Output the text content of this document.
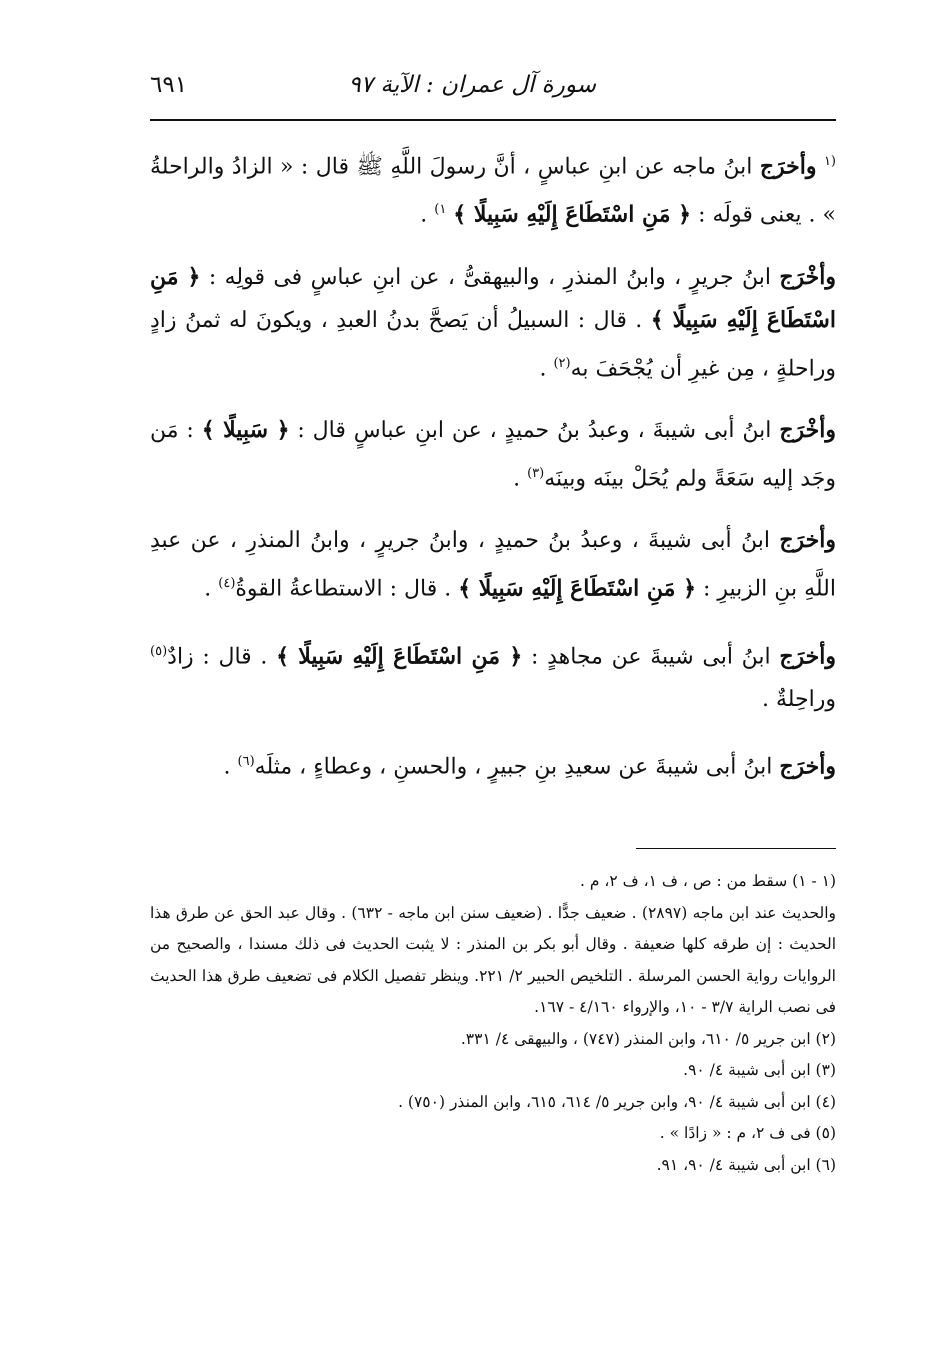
سورة آل عمران : الآية ٩٧
٦٩١

$^{(١}$ وأخرَج ابنُ ماجه عن ابنِ عباسٍ ، أنَّ رسولَ اللَّهِ ﷺ قال : « الزادُ والراحلةُ » . يعنى قولَه : ﴿ مَنِ اسْتَطَاعَ إِلَيْهِ سَبِيلًا ﴾ $^{١)}$ .

وأخْرَج ابنُ جريرٍ ، وابنُ المنذرِ ، والبيهقىُّ ، عن ابنِ عباسٍ فى قولِه : ﴿ مَنِ اسْتَطَاعَ إِلَيْهِ سَبِيلًا ﴾ . قال : السبيلُ أن يَصحَّ بدنُ العبدِ ، ويكونَ له ثمنُ زادٍ وراحلةٍ ، مِن غيرِ أن يُجْحَفَ به$^{(٢)}$ .

وأخْرَج ابنُ أبى شيبةَ ، وعبدُ بنُ حميدٍ ، عن ابنِ عباسٍ قال : ﴿ سَبِيلًا ﴾ : مَن وجَد إليه سَعَةً ولم يُحَلْ بينَه وبينَه$^{(٣)}$ .

وأخرَج ابنُ أبى شيبةَ ، وعبدُ بنُ حميدٍ ، وابنُ جريرٍ ، وابنُ المنذرِ ، عن عبدِ اللَّهِ بنِ الزبيرِ : ﴿ مَنِ اسْتَطَاعَ إِلَيْهِ سَبِيلًا ﴾ . قال : الاستطاعةُ القوةُ$^{(٤)}$ .

وأخرَج ابنُ أبى شيبةَ عن مجاهدٍ : ﴿ مَنِ اسْتَطَاعَ إِلَيْهِ سَبِيلًا ﴾ . قال : زادٌ$^{(٥)}$ وراحِلةٌ .

وأخرَج ابنُ أبى شيبةَ عن سعيدِ بنِ جبيرٍ ، والحسنِ ، وعطاءٍ ، مثلَه$^{(٦)}$ .

(١ - ١) سقط من : ص ، ف ١، ف ٢، م .

والحديث عند ابن ماجه (٢٨٩٧) . ضعيف جدًّا . (ضعيف سنن ابن ماجه - ٦٣٢) . وقال عبد الحق عن طرق هذا الحديث : إن طرقه كلها ضعيفة . وقال أبو بكر بن المنذر : لا يثبت الحديث فى ذلك مسندا ، والصحيح من الروايات رواية الحسن المرسلة . التلخيص الحبير ٢/ ٢٢١. وينظر تفصيل الكلام فى تضعيف طرق هذا الحديث فى نصب الراية ٣/٧ - ١٠، والإرواء ٤/١٦٠ - ١٦٧.

(٢) ابن جرير ٥/ ٦١٠، وابن المنذر (٧٤٧) ، والبيهقى ٤/ ٣٣١.

(٣) ابن أبى شيبة ٤/ ٩٠.

(٤) ابن أبى شيبة ٤/ ٩٠، وابن جرير ٥/ ٦١٤، ٦١٥، وابن المنذر (٧٥٠) .

(٥) فى ف ٢، م : « زادًا » .

(٦) ابن أبى شيبة ٤/ ٩٠، ٩١.
